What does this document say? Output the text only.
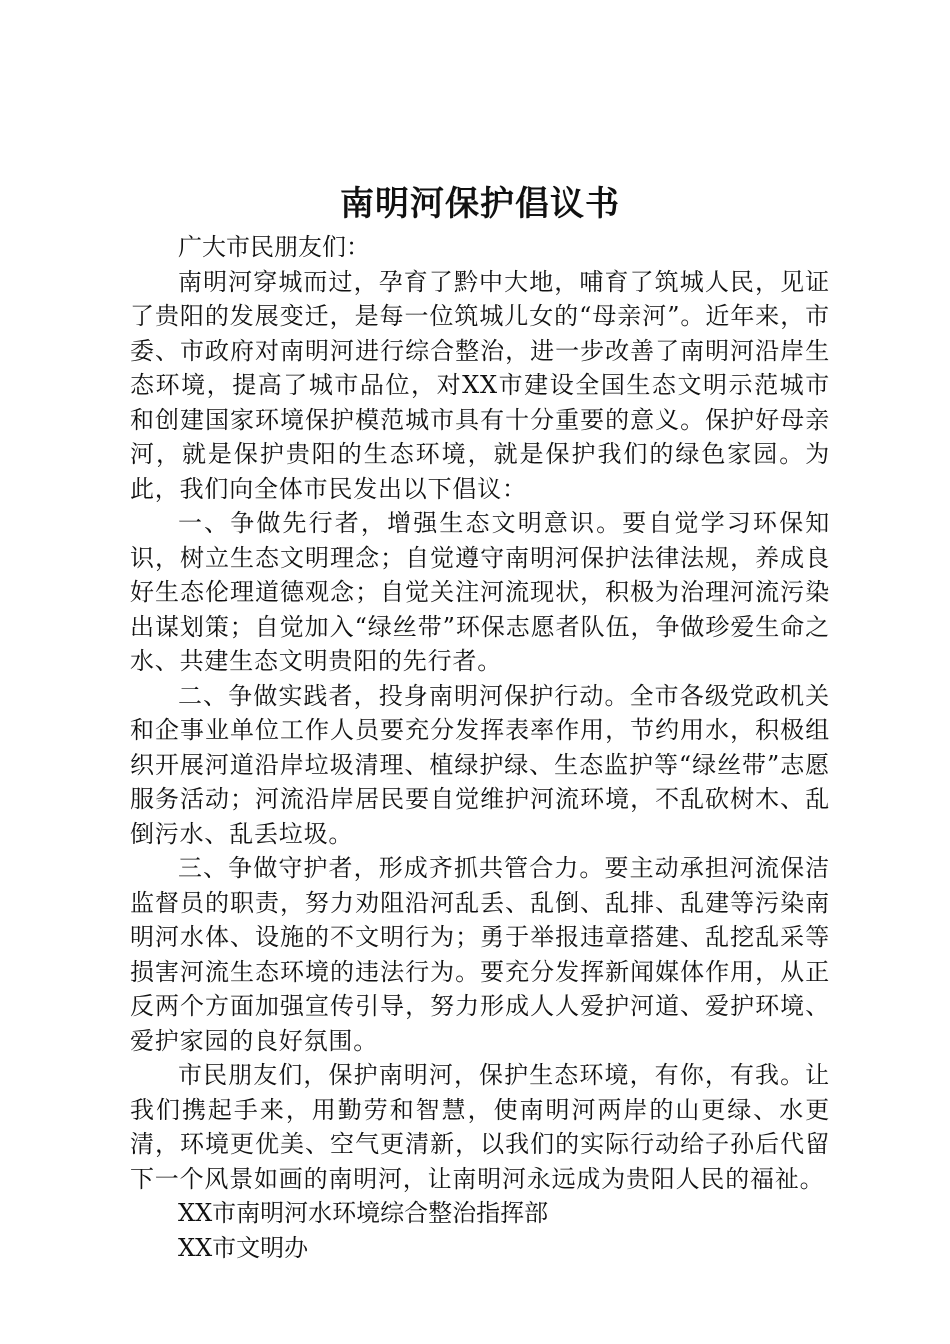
南明河保护倡议书

广大市民朋友们：

南明河穿城而过，孕育了黔中大地，哺育了筑城人民，见证了贵阳的发展变迁，是每一位筑城儿女的“母亲河”。近年来，市委、市政府对南明河进行综合整治，进一步改善了南明河沿岸生态环境，提高了城市品位，对XX市建设全国生态文明示范城市和创建国家环境保护模范城市具有十分重要的意义。保护好母亲河，就是保护贵阳的生态环境，就是保护我们的绿色家园。为此，我们向全体市民发出以下倡议：

一、争做先行者，增强生态文明意识。要自觉学习环保知识，树立生态文明理念；自觉遵守南明河保护法律法规，养成良好生态伦理道德观念；自觉关注河流现状，积极为治理河流污染出谋划策；自觉加入“绿丝带”环保志愿者队伍，争做珍爱生命之水、共建生态文明贵阳的先行者。

二、争做实践者，投身南明河保护行动。全市各级党政机关和企事业单位工作人员要充分发挥表率作用，节约用水，积极组织开展河道沿岸垃圾清理、植绿护绿、生态监护等“绿丝带”志愿服务活动；河流沿岸居民要自觉维护河流环境，不乱砍树木、乱倒污水、乱丢垃圾。

三、争做守护者，形成齐抓共管合力。要主动承担河流保洁监督员的职责，努力劝阻沿河乱丢、乱倒、乱排、乱建等污染南明河水体、设施的不文明行为；勇于举报违章搭建、乱挖乱采等损害河流生态环境的违法行为。要充分发挥新闻媒体作用，从正反两个方面加强宣传引导，努力形成人人爱护河道、爱护环境、爱护家园的良好氛围。

市民朋友们，保护南明河，保护生态环境，有你，有我。让我们携起手来，用勤劳和智慧，使南明河两岸的山更绿、水更清，环境更优美、空气更清新，以我们的实际行动给子孙后代留下一个风景如画的南明河，让南明河永远成为贵阳人民的福祉。

XX市南明河水环境综合整治指挥部

XX市文明办
